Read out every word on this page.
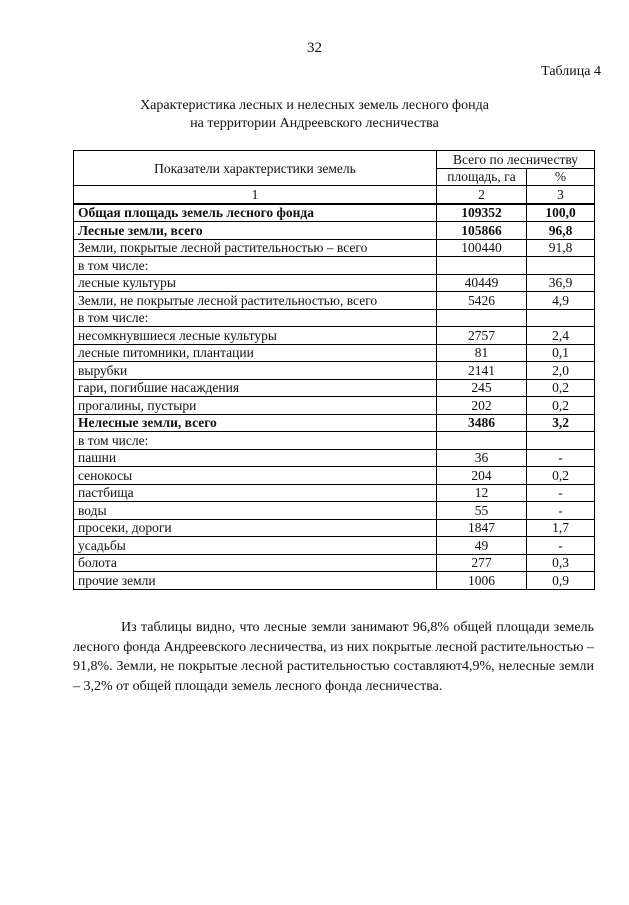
32
Таблица 4
Характеристика лесных и нелесных земель лесного фонда
на территории Андреевского лесничества
Показатели характеристики земель	Всего по лесничеству	
	площадь, га	%
1	2	3
Общая площадь земель лесного фонда	109352	100,0
Лесные земли, всего	105866	96,8
Земли, покрытые лесной растительностью – всего	100440	91,8
в том числе:		
лесные культуры	40449	36,9
Земли, не покрытые лесной растительностью, всего	5426	4,9
в том числе:		
несомкнувшиеся лесные культуры	2757	2,4
лесные питомники, плантации	81	0,1
вырубки	2141	2,0
гари, погибшие насаждения	245	0,2
прогалины, пустыри	202	0,2
Нелесные земли, всего	3486	3,2
в том числе:		
пашни	36	-
сенокосы	204	0,2
пастбища	12	-
воды	55	-
просеки, дороги	1847	1,7
усадьбы	49	-
болота	277	0,3
прочие земли	1006	0,9
Из таблицы видно, что лесные земли занимают 96,8% общей площади земель лесного фонда Андреевского лесничества, из них покрытые лесной растительностью – 91,8%. Земли, не покрытые лесной растительностью составляют4,9%, нелесные земли – 3,2% от общей площади земель лесного фонда лесничества.
